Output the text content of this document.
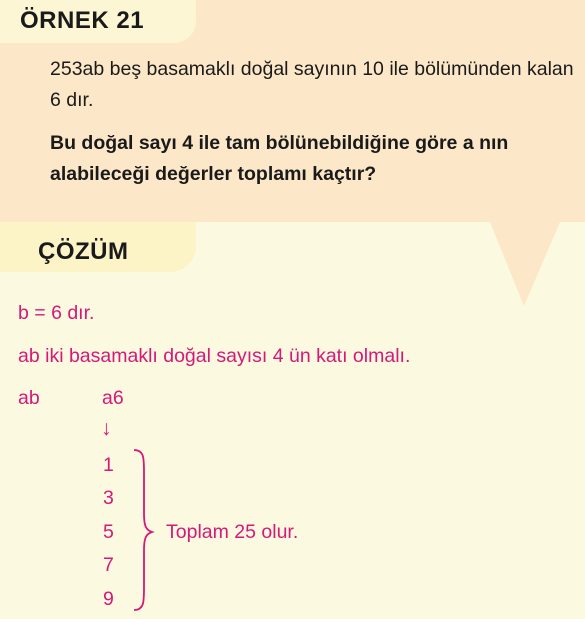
ÖRNEK 21

253ab beş basamaklı doğal sayının 10 ile bölümünden kalan 6 dır.

Bu doğal sayı 4 ile tam bölünebildiğine göre a nın alabileceği değerler toplamı kaçtır?

ÇÖZÜM

b = 6 dır.

ab iki basamaklı doğal sayısı 4 ün katı olmalı.

ab	a6

↓

1

3

5

7

9

Toplam 25 olur.
